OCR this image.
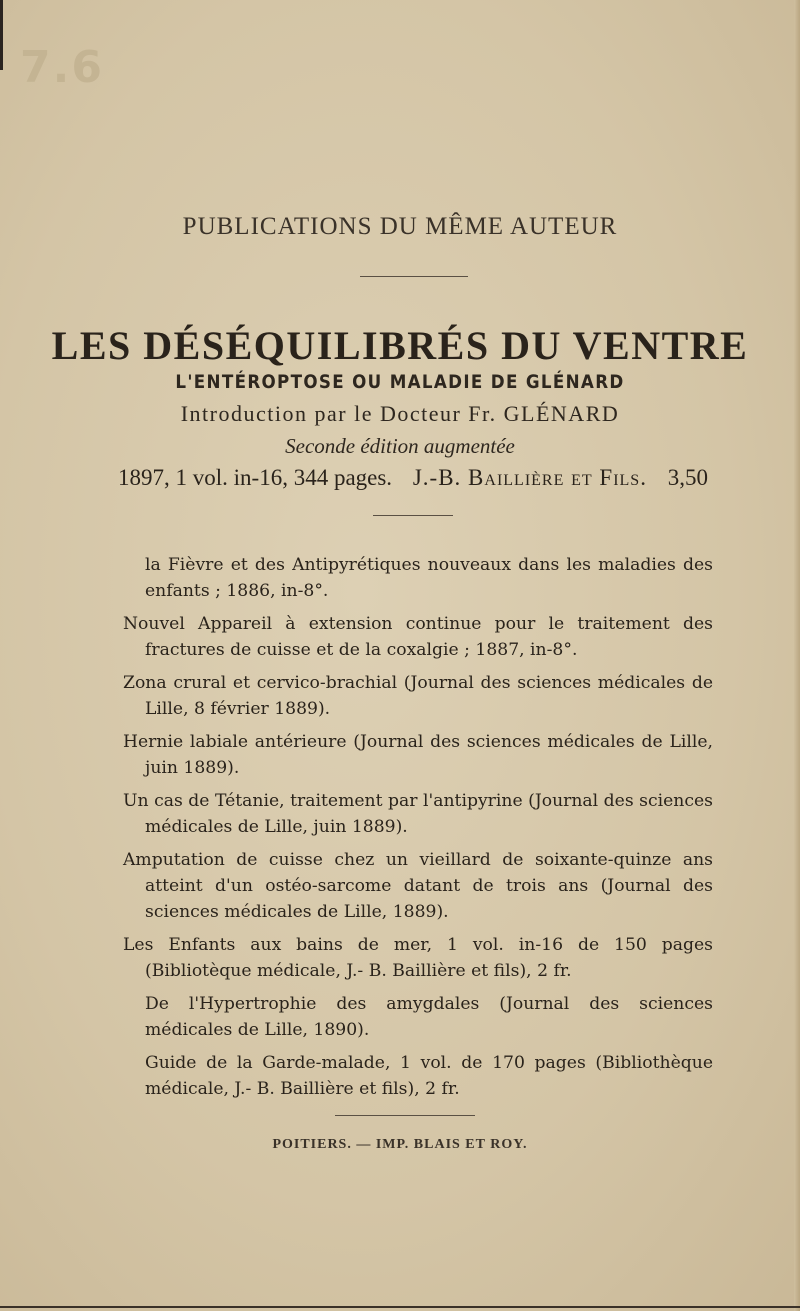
7.6
PUBLICATIONS DU MÊME AUTEUR
LES DÉSÉQUILIBRÉS DU VENTRE
L'ENTÉROPTOSE OU MALADIE DE GLÉNARD
Introduction par le Docteur Fr. GLÉNARD
Seconde édition augmentée
1897, 1 vol. in-16, 344 pages. J.-B. Baillière et Fils. 3,50
la Fièvre et des Antipyrétiques nouveaux dans les maladies des enfants ; 1886, in-8°.
Nouvel Appareil à extension continue pour le traitement des fractures de cuisse et de la coxalgie ; 1887, in-8°.
Zona crural et cervico-brachial (Journal des sciences médicales de Lille, 8 février 1889).
Hernie labiale antérieure (Journal des sciences médicales de Lille, juin 1889).
Un cas de Tétanie, traitement par l'antipyrine (Journal des sciences médicales de Lille, juin 1889).
Amputation de cuisse chez un vieillard de soixante-quinze ans atteint d'un ostéo-sarcome datant de trois ans (Journal des sciences médicales de Lille, 1889).
Les Enfants aux bains de mer, 1 vol. in-16 de 150 pages (Bibliotèque médicale, J.- B. Baillière et fils), 2 fr.
De l'Hypertrophie des amygdales (Journal des sciences médicales de Lille, 1890).
Guide de la Garde-malade, 1 vol. de 170 pages (Bibliothèque médicale, J.- B. Baillière et fils), 2 fr.
POITIERS. — IMP. BLAIS ET ROY.
